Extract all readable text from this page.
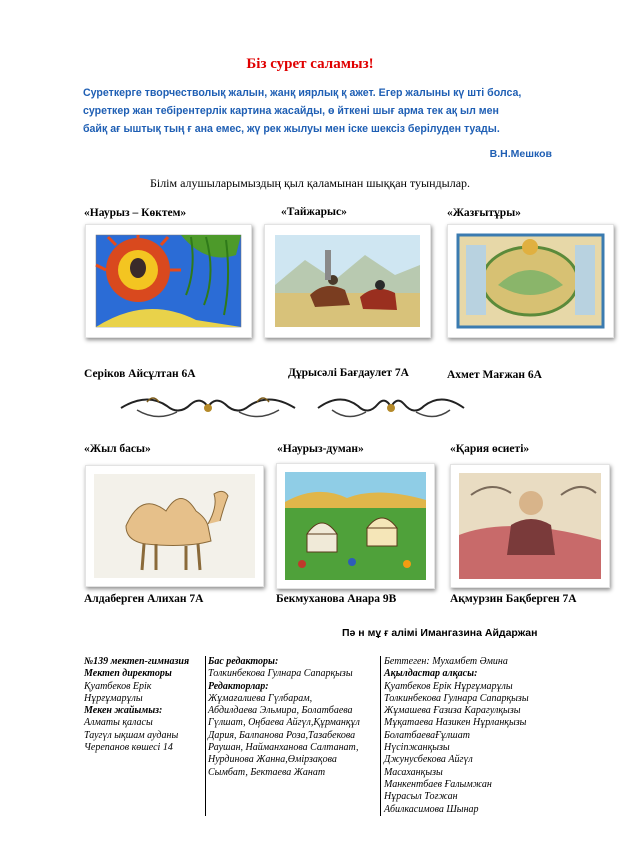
Біз сурет саламыз!
Суреткерге творчестволық жалын, жанқ иярлық қ ажет. Егер жалыны кү шті болса,
суреткер жан тебірентерлік картина жасайды, ө йткені шығ арма тек ақ ыл мен
байқ ағ ыштық тың ғ ана емес, жү рек жылуы мен іске шексіз берілуден туады.
В.Н.Мешков
Білім алушыларымыздың қыл қаламынан шыққан туындылар.
«Наурыз – Көктем»	«Тайжарыс»	«Жазғытұры»
Серіков Айсұлтан 6А	Дұрысәлі Бағдаулет 7А	Ахмет Мағжан 6А
«Жыл басы»	«Наурыз-думан»	«Қария өсиеті»
Алдаберген Алихан 7А	Бекмуханова Анара 9В	Ақмурзин Бақберген 7А
Пә н мұ ғ алімі Имангазина Айдаржан
№139 мектеп-гимназия
Мектеп директоры
Қуатбеков Ерік
Нұрғұмарұлы
Мекен жайымыз:
Алматы қаласы
Таугүл ықшам ауданы
Черепанов көшесі 14
Бас редакторы:
Толкинбекова Гулнара Сапарқызы
Редакторлар:
Жұмағалиева Гүлбарам,
Абдилдаева Эльмира, Болатбаева
Гүлшат, Оңбаева Айгүл,Құрманқұл
Дария, Балпанова Роза,Тазабекова
Раушан, Найманханова Салтанат,
Нурдинова Жанна,Өмірзақова
Сымбат, Бектаева Жанат
Беттеген: Мухамбет Әмина
Ақылдастар алқасы:
Қуатбеков Ерік Нұрғұмарұлы
Толкинбекова Гулнара Сапарқызы
Жұмашева Ғазиза Карагулқызы
Мұқатаева Назикен Нұрланқызы
БолатбаеваҒұлшат
Нүсіпжанқызы
Джунусбекова Айгүл
Масаханқызы
Манкентбаев Ғалымжан
Нұрасыл Тоғжан
Абилкасимова Шынар
